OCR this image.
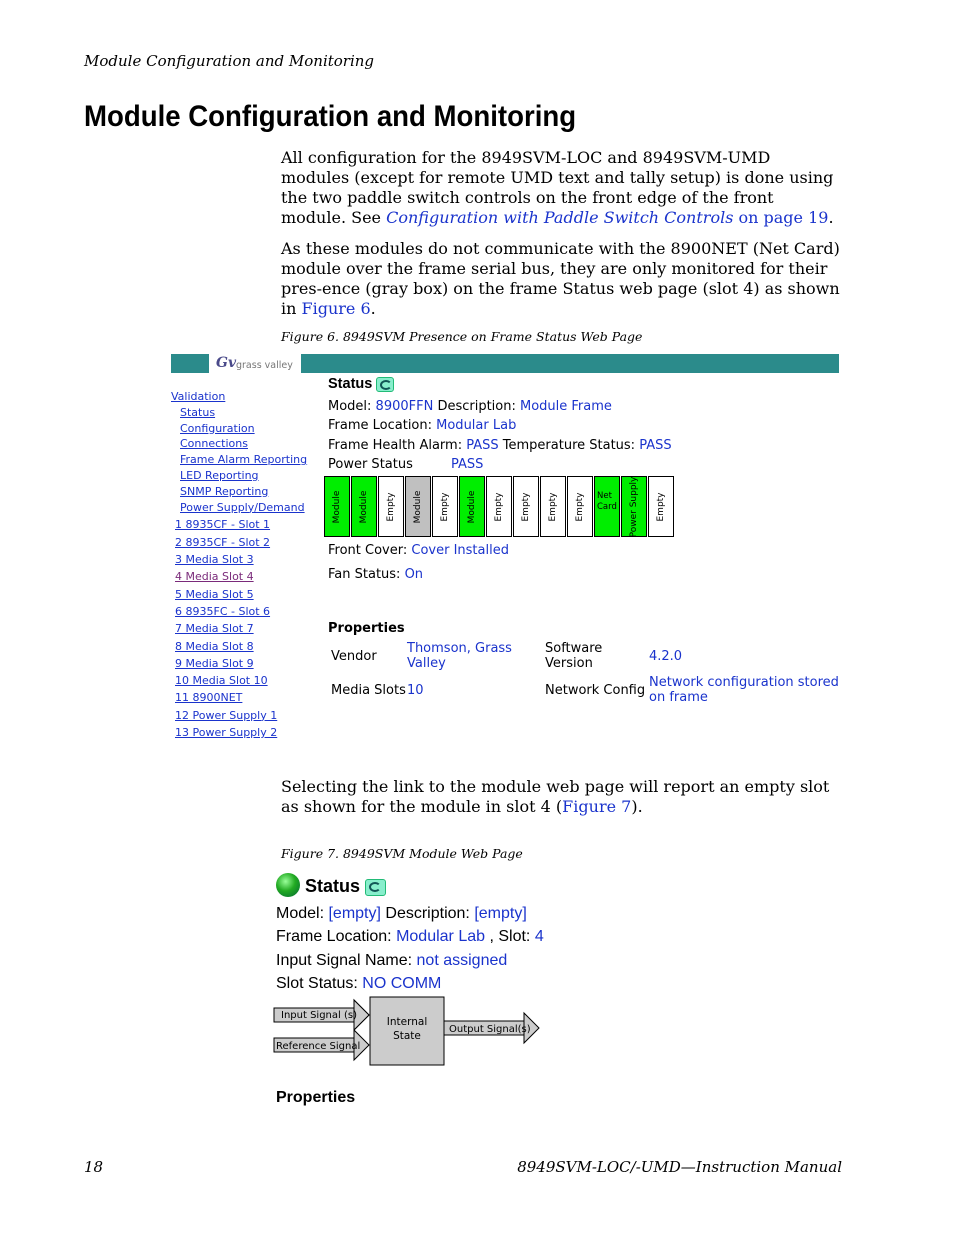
Module Configuration and Monitoring
Module Configuration and Monitoring
All configuration for the 8949SVM-LOC and 8949SVM-UMD modules (except for remote UMD text and tally setup) is done using the two paddle switch controls on the front edge of the front module. See Configuration with Paddle Switch Controls on page 19.
As these modules do not communicate with the 8900NET (Net Card) module over the frame serial bus, they are only monitored for their pres-ence (gray box) on the frame Status web page (slot 4) as shown in Figure 6.
Figure 6. 8949SVM Presence on Frame Status Web Page
Gv grass valley
Validation
Status
Configuration
Connections
Frame Alarm Reporting
LED Reporting
SNMP Reporting
Power Supply/Demand
1 8935CF - Slot 1
2 8935CF - Slot 2
3 Media Slot 3
4 Media Slot 4
5 Media Slot 5
6 8935FC - Slot 6
7 Media Slot 7
8 Media Slot 8
9 Media Slot 9
10 Media Slot 10
11 8900NET
12 Power Supply 1
13 Power Supply 2
Status
Model: 8900FFN Description: Module Frame
Frame Location: Modular Lab
Frame Health Alarm: PASS Temperature Status: PASS
Power Status	PASS
Module Module Empty Module Empty Module Empty Empty Empty Empty Net
Card Power Supply Empty
Front Cover: Cover Installed
Fan Status: On
Properties
Vendor	Thomson, Grass Valley	Software Version	4.2.0
Media Slots	10	Network Config	Network configuration stored on frame
Selecting the link to the module web page will report an empty slot as shown for the module in slot 4 (Figure 7).
Figure 7. 8949SVM Module Web Page
Status
Model: [empty] Description: [empty]
Frame Location: Modular Lab , Slot: 4
Input Signal Name: not assigned
Slot Status: NO COMM
Input Signal (s)
Reference Signal
Internal State
Output Signal(s)
Properties
18	8949SVM-LOC/-UMD—Instruction Manual
